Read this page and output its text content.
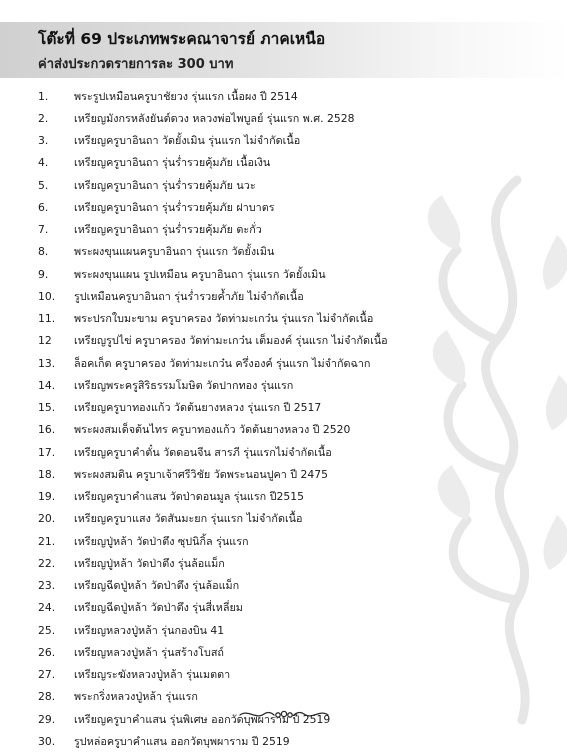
โต๊ะที่ 69 ประเภทพระคณาจารย์ ภาคเหนือ
ค่าส่งประกวดรายการละ 300 บาท
1.	พระรูปเหมือนครูบาชัยวง รุ่นแรก เนื้อผง ปี 2514
2.	เหรียญมังกรหลังยันต์ดวง หลวงพ่อไพบูลย์ รุ่นแรก พ.ศ. 2528
3.	เหรียญครูบาอินถา วัดยั้งเมิน รุ่นแรก ไม่จำกัดเนื้อ
4.	เหรียญครูบาอินถา รุ่นร่ำรวยคุ้มภัย เนื้อเงิน
5.	เหรียญครูบาอินถา รุ่นร่ำรวยคุ้มภัย นวะ
6.	เหรียญครูบาอินถา รุ่นร่ำรวยคุ้มภัย ฝาบาตร
7.	เหรียญครูบาอินถา รุ่นร่ำรวยคุ้มภัย ตะกั่ว
8.	พระผงขุนแผนครูบาอินถา รุ่นแรก วัดยั้งเมิน
9.	พระผงขุนแผน รูปเหมือน ครูบาอินถา รุ่นแรก วัดยั้งเมิน
10.	รูปเหมือนครูบาอินถา รุ่นร่ำรวยค้ำภัย ไม่จำกัดเนื้อ
11.	พระปรกใบมะขาม ครูบาครอง วัดท่ามะเกว๋น รุ่นแรก ไม่จำกัดเนื้อ
12	เหรียญรูปไข่ ครูบาครอง วัดท่ามะเกว๋น เต็มองค์ รุ่นแรก ไม่จำกัดเนื้อ
13.	ล็อคเก็ต ครูบาครอง วัดท่ามะเกว๋น ครึ่งองค์ รุ่นแรก ไม่จำกัดฉาก
14.	เหรียญพระครูสิริธรรมโมษิต วัดปากทอง รุ่นแรก
15.	เหรียญครูบาทองแก้ว วัดต้นยางหลวง รุ่นแรก ปี 2517
16.	พระผงสมเด็จต้นไทร ครูบาทองแก้ว วัดต้นยางหลวง ปี 2520
17.	เหรียญครูบาคำตั๋น วัดดอนจีน สารภี รุ่นแรกไม่จำกัดเนื้อ
18.	พระผงสมดิน ครูบาเจ้าศรีวิชัย วัดพระนอนปูคา ปี 2475
19.	เหรียญครูบาคำแสน วัดป่าดอนมูล รุ่นแรก ปี2515
20.	เหรียญครูบาแสง วัดสันมะยก รุ่นแรก ไม่จำกัดเนื้อ
21.	เหรียญปู่หล้า วัดป่าตึง ซุปนิกิ้ล รุ่นแรก
22.	เหรียญปู่หล้า วัดป่าตึง รุ่นล้อแม็ก
23.	เหรียญฉีดปู่หล้า วัดป่าตึง รุ่นล้อแม็ก
24.	เหรียญฉีดปู่หล้า วัดป่าตึง รุ่นสี่เหลี่ยม
25.	เหรียญหลวงปู่หล้า รุ่นกองบิน 41
26.	เหรียญหลวงปู่หล้า รุ่นสร้างโบสถ์
27.	เหรียญระฆังหลวงปู่หล้า รุ่นเมตตา
28.	พระกริ่งหลวงปู่หล้า รุ่นแรก
29.	เหรียญครูบาคำแสน รุ่นพิเศษ ออกวัดบุพผาราม ปี 2519
30.	รูปหล่อครูบาคำแสน ออกวัดบุพผาราม ปี 2519
